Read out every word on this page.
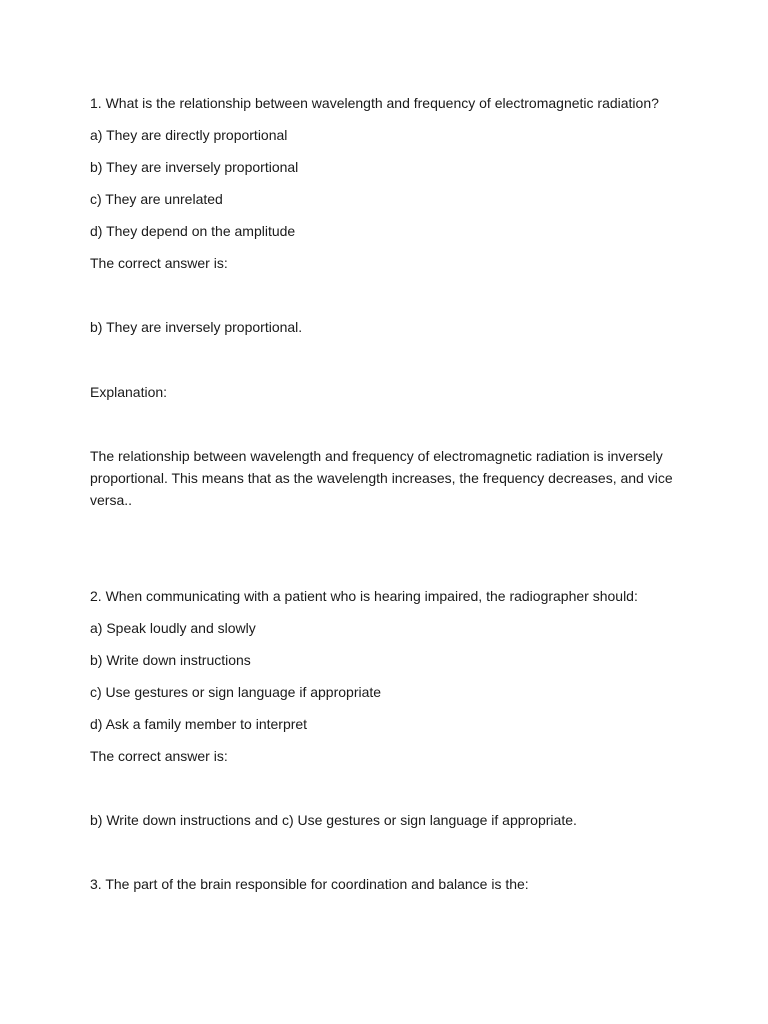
1. What is the relationship between wavelength and frequency of electromagnetic radiation?

a) They are directly proportional

b) They are inversely proportional

c) They are unrelated

d) They depend on the amplitude

The correct answer is:

b) They are inversely proportional.

Explanation:

The relationship between wavelength and frequency of electromagnetic radiation is inversely proportional. This means that as the wavelength increases, the frequency decreases, and vice versa..

2. When communicating with a patient who is hearing impaired, the radiographer should:

a) Speak loudly and slowly

b) Write down instructions

c) Use gestures or sign language if appropriate

d) Ask a family member to interpret

The correct answer is:

b) Write down instructions and c) Use gestures or sign language if appropriate.

3. The part of the brain responsible for coordination and balance is the:
